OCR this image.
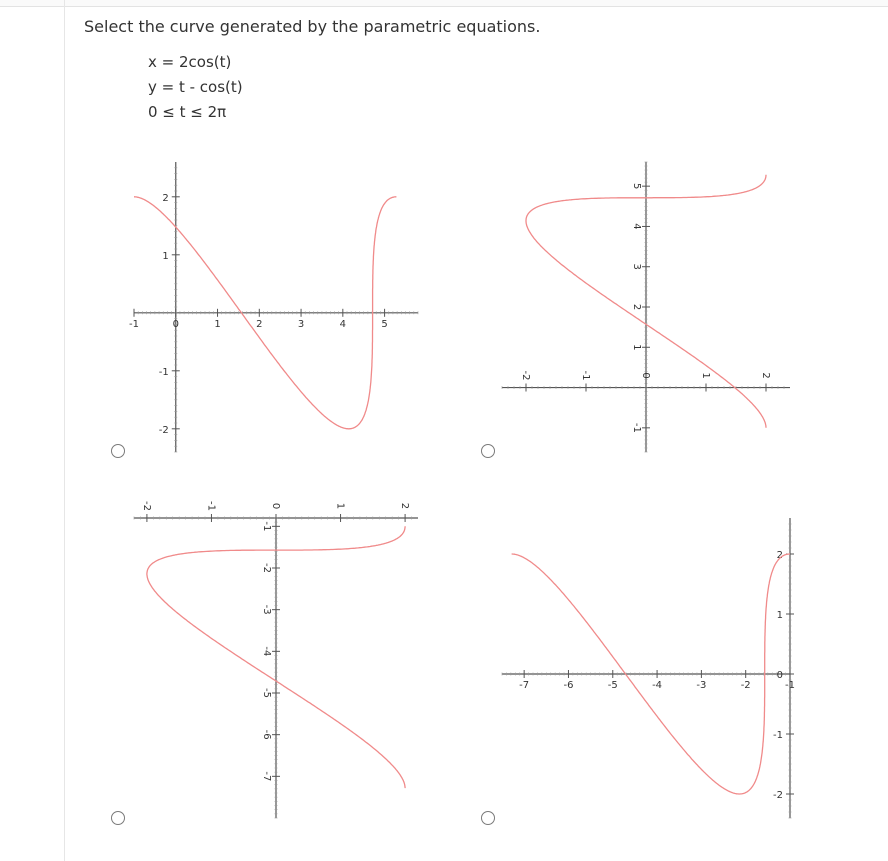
Select the curve generated by the parametric equations.
x = 2cos(t)
y = t - cos(t)
0 ≤ t ≤ 2π
-1	0	1	2	3	4	5
2
1
-1
-2
-2	-1	0	1	2
5
4
3
2
1
-1
-2	-1	0	1	2
-1
-2
-3
-4
-5
-6
-7
-7	-6	-5	-4	-3	-2	-1
2
1
0
-1
-2
